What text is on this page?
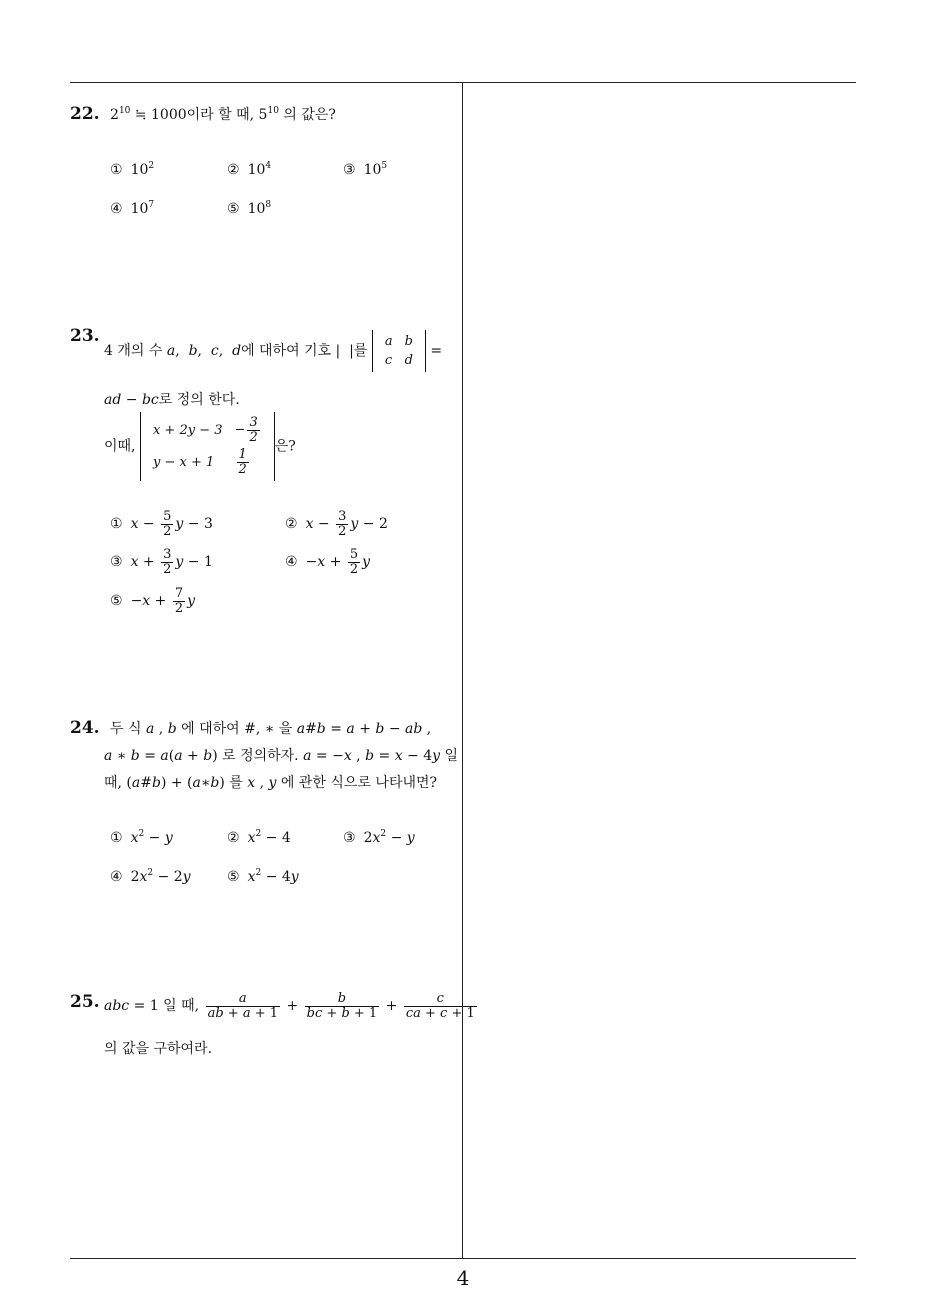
22. $2^{10}$ ≒ 1000이라 할 때, $5^{10}$ 의 값은?
① $10^2$	② $10^4$	③ $10^5$
④ $10^7$	⑤ $10^8$
23.
4 개의 수 a,  b,  c,  d에 대하여 기호 |  |를
a	b
c	d
=
ad − bc로 정의 한다.
이때,
x + 2y − 3	− $\frac{3}{2}$

y − x + 1	$\frac{1}{2}$
은?
① $x - \frac{5}{2}$ y − 3	② $x - \frac{3}{2}$ y − 2
③ $x + \frac{3}{2}$ y − 1	④ $-x + \frac{5}{2}$ y
⑤ $-x + \frac{7}{2}$ y
24. 두 식 a , b 에 대하여 #, ∗ 을 a#b = a + b − ab ,
a ∗ b = a(a + b) 로 정의하자. a = −x , b = x − 4y 일
때, (a#b) + (a∗b) 를 x , y 에 관한 식으로 나타내면?
① $x^2 - y$	② $x^2 - 4$	③ $2x^2 - y$
④ $2x^2 - 2y$	⑤ $x^2 - 4y$
25. abc = 1 일 때, $\frac{a}{ab + a + 1} + \frac{b}{bc + b + 1} + \frac{c}{ca + c + 1}$
의 값을 구하여라.
4
